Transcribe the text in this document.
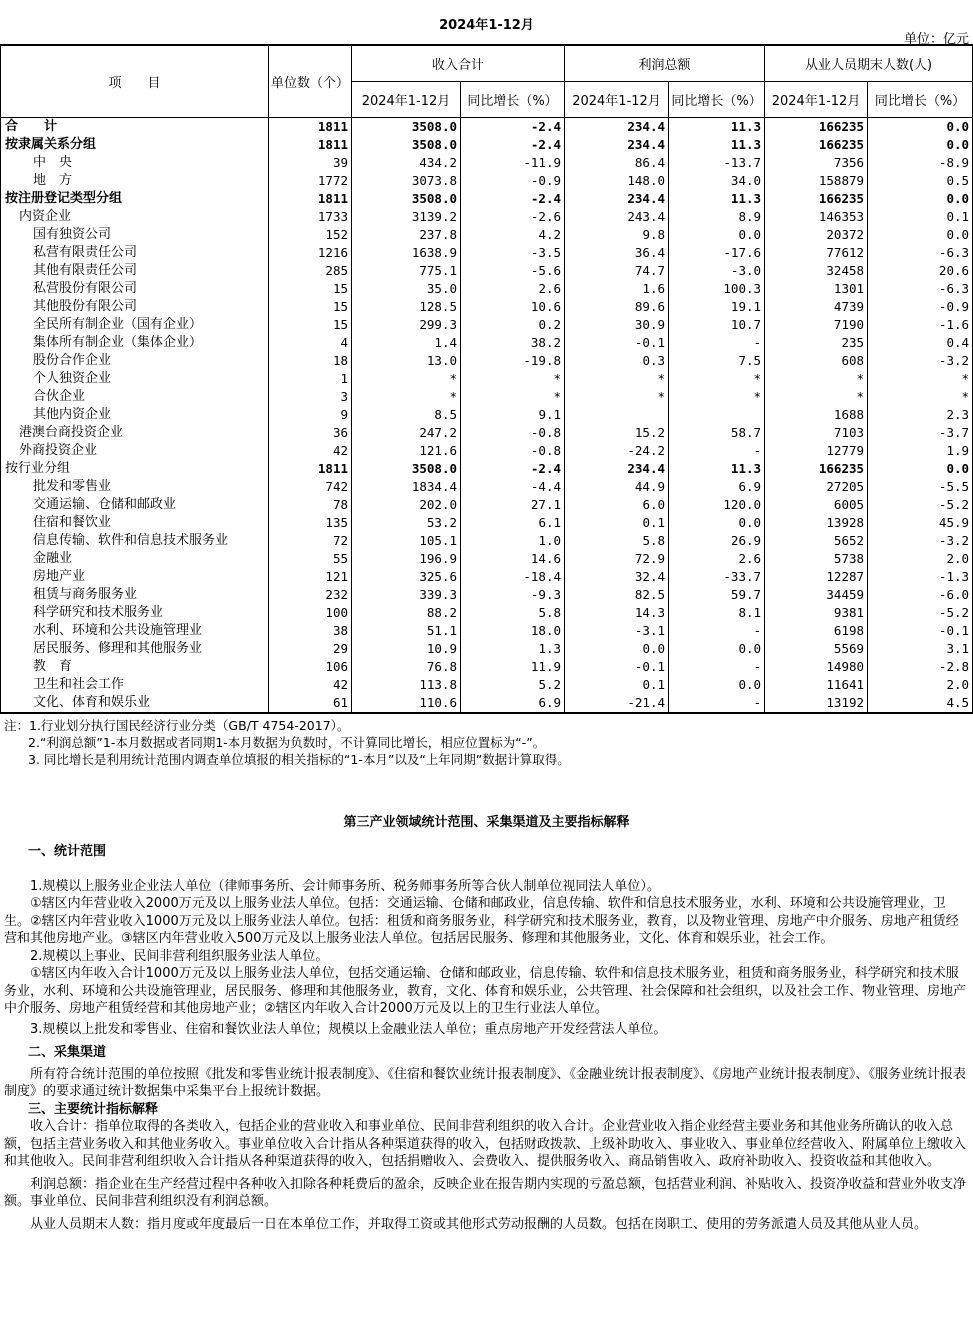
2024年1-12月
单位：亿元
项　　目	单位数（个）	收入合计		利润总额		从业人员期末人数(人)	
		2024年1-12月	同比增长（%）	2024年1-12月	同比增长（%）	2024年1-12月	同比增长（%）
合　　计	1811	3508.0	-2.4	234.4	11.3	166235	0.0
按隶属关系分组	1811	3508.0	-2.4	234.4	11.3	166235	0.0
中　央	39	434.2	-11.9	86.4	-13.7	7356	-8.9
地　方	1772	3073.8	-0.9	148.0	34.0	158879	0.5
按注册登记类型分组	1811	3508.0	-2.4	234.4	11.3	166235	0.0
内资企业	1733	3139.2	-2.6	243.4	8.9	146353	0.1
国有独资公司	152	237.8	4.2	9.8	0.0	20372	0.0
私营有限责任公司	1216	1638.9	-3.5	36.4	-17.6	77612	-6.3
其他有限责任公司	285	775.1	-5.6	74.7	-3.0	32458	20.6
私营股份有限公司	15	35.0	2.6	1.6	100.3	1301	-6.3
其他股份有限公司	15	128.5	10.6	89.6	19.1	4739	-0.9
全民所有制企业（国有企业）	15	299.3	0.2	30.9	10.7	7190	-1.6
集体所有制企业（集体企业）	4	1.4	38.2	-0.1	-	235	0.4
股份合作企业	18	13.0	-19.8	0.3	7.5	608	-3.2
个人独资企业	1	*	*	*	*	*	*
合伙企业	3	*	*	*	*	*	*
其他内资企业	9	8.5	9.1			1688	2.3
港澳台商投资企业	36	247.2	-0.8	15.2	58.7	7103	-3.7
外商投资企业	42	121.6	-0.8	-24.2	-	12779	1.9
按行业分组	1811	3508.0	-2.4	234.4	11.3	166235	0.0
批发和零售业	742	1834.4	-4.4	44.9	6.9	27205	-5.5
交通运输、仓储和邮政业	78	202.0	27.1	6.0	120.0	6005	-5.2
住宿和餐饮业	135	53.2	6.1	0.1	0.0	13928	45.9
信息传输、软件和信息技术服务业	72	105.1	1.0	5.8	26.9	5652	-3.2
金融业	55	196.9	14.6	72.9	2.6	5738	2.0
房地产业	121	325.6	-18.4	32.4	-33.7	12287	-1.3
租赁与商务服务业	232	339.3	-9.3	82.5	59.7	34459	-6.0
科学研究和技术服务业	100	88.2	5.8	14.3	8.1	9381	-5.2
水利、环境和公共设施管理业	38	51.1	18.0	-3.1	-	6198	-0.1
居民服务、修理和其他服务业	29	10.9	1.3	0.0	0.0	5569	3.1
教　育	106	76.8	11.9	-0.1	-	14980	-2.8
卫生和社会工作	42	113.8	5.2	0.1	0.0	11641	2.0
文化、体育和娱乐业	61	110.6	6.9	-21.4	-	13192	4.5
注：1.行业划分执行国民经济行业分类（GB/T 4754-2017）。
2.“利润总额”1-本月数据或者同期1-本月数据为负数时，不计算同比增长，相应位置标为“-”。
3. 同比增长是利用统计范围内调查单位填报的相关指标的“1-本月”以及“上年同期”数据计算取得。
第三产业领域统计范围、采集渠道及主要指标解释
一、统计范围

1.规模以上服务业企业法人单位（律师事务所、会计师事务所、税务师事务所等合伙人制单位视同法人单位）。

①辖区内年营业收入2000万元及以上服务业法人单位。包括：交通运输、仓储和邮政业，信息传输、软件和信息技术服务业，水利、环境和公共设施管理业，卫生。②辖区内年营业收入1000万元及以上服务业法人单位。包括：租赁和商务服务业，科学研究和技术服务业，教育，以及物业管理、房地产中介服务、房地产租赁经营和其他房地产业。③辖区内年营业收入500万元及以上服务业法人单位。包括居民服务、修理和其他服务业，文化、体育和娱乐业，社会工作。

2.规模以上事业、民间非营利组织服务业法人单位。

①辖区内年收入合计1000万元及以上服务业法人单位，包括交通运输、仓储和邮政业，信息传输、软件和信息技术服务业，租赁和商务服务业，科学研究和技术服务业，水利、环境和公共设施管理业，居民服务、修理和其他服务业，教育，文化、体育和娱乐业，公共管理、社会保障和社会组织，以及社会工作、物业管理、房地产中介服务、房地产租赁经营和其他房地产业；②辖区内年收入合计2000万元及以上的卫生行业法人单位。

3.规模以上批发和零售业、住宿和餐饮业法人单位；规模以上金融业法人单位；重点房地产开发经营法人单位。

二、采集渠道

所有符合统计范围的单位按照《批发和零售业统计报表制度》、《住宿和餐饮业统计报表制度》、《金融业统计报表制度》、《房地产业统计报表制度》、《服务业统计报表制度》的要求通过统计数据集中采集平台上报统计数据。

三、主要统计指标解释

收入合计：指单位取得的各类收入，包括企业的营业收入和事业单位、民间非营利组织的收入合计。企业营业收入指企业经营主要业务和其他业务所确认的收入总额，包括主营业务收入和其他业务收入。事业单位收入合计指从各种渠道获得的收入，包括财政拨款、上级补助收入、事业收入、事业单位经营收入、附属单位上缴收入和其他收入。民间非营利组织收入合计指从各种渠道获得的收入，包括捐赠收入、会费收入、提供服务收入、商品销售收入、政府补助收入、投资收益和其他收入。

利润总额：指企业在生产经营过程中各种收入扣除各种耗费后的盈余，反映企业在报告期内实现的亏盈总额，包括营业利润、补贴收入、投资净收益和营业外收支净额。事业单位、民间非营利组织没有利润总额。

从业人员期末人数：指月度或年度最后一日在本单位工作，并取得工资或其他形式劳动报酬的人员数。包括在岗职工、使用的劳务派遣人员及其他从业人员。
